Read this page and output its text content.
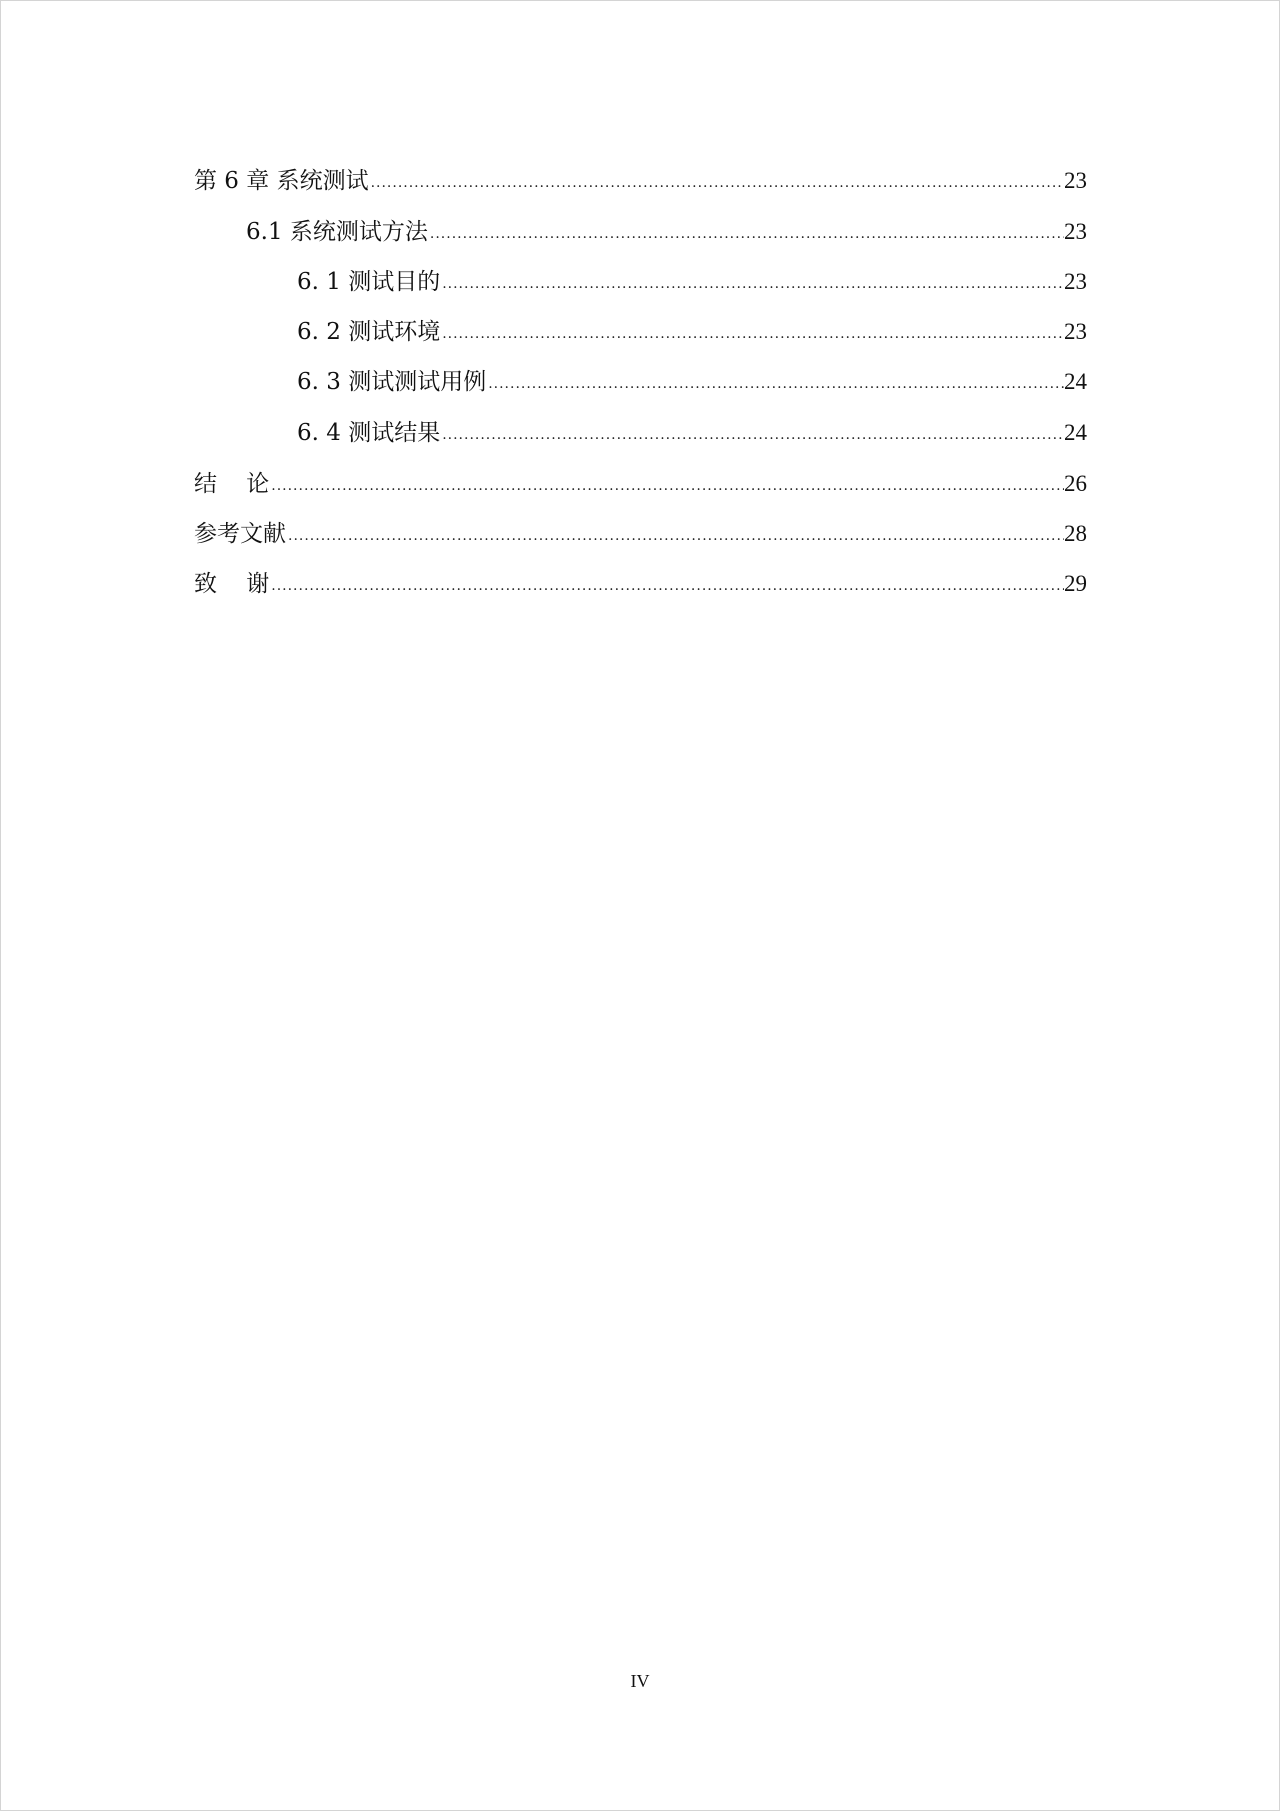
第 6 章 系统测试 .....	23
6.1 系统测试方法 .....	23
6. 1 测试目的 .....	23
6. 2 测试环境 .....	23
6. 3 测试测试用例 .....	24
6. 4 测试结果 .....	24
结    论 .....	26
参考文献 .....	28
致    谢 .....	29
IV
